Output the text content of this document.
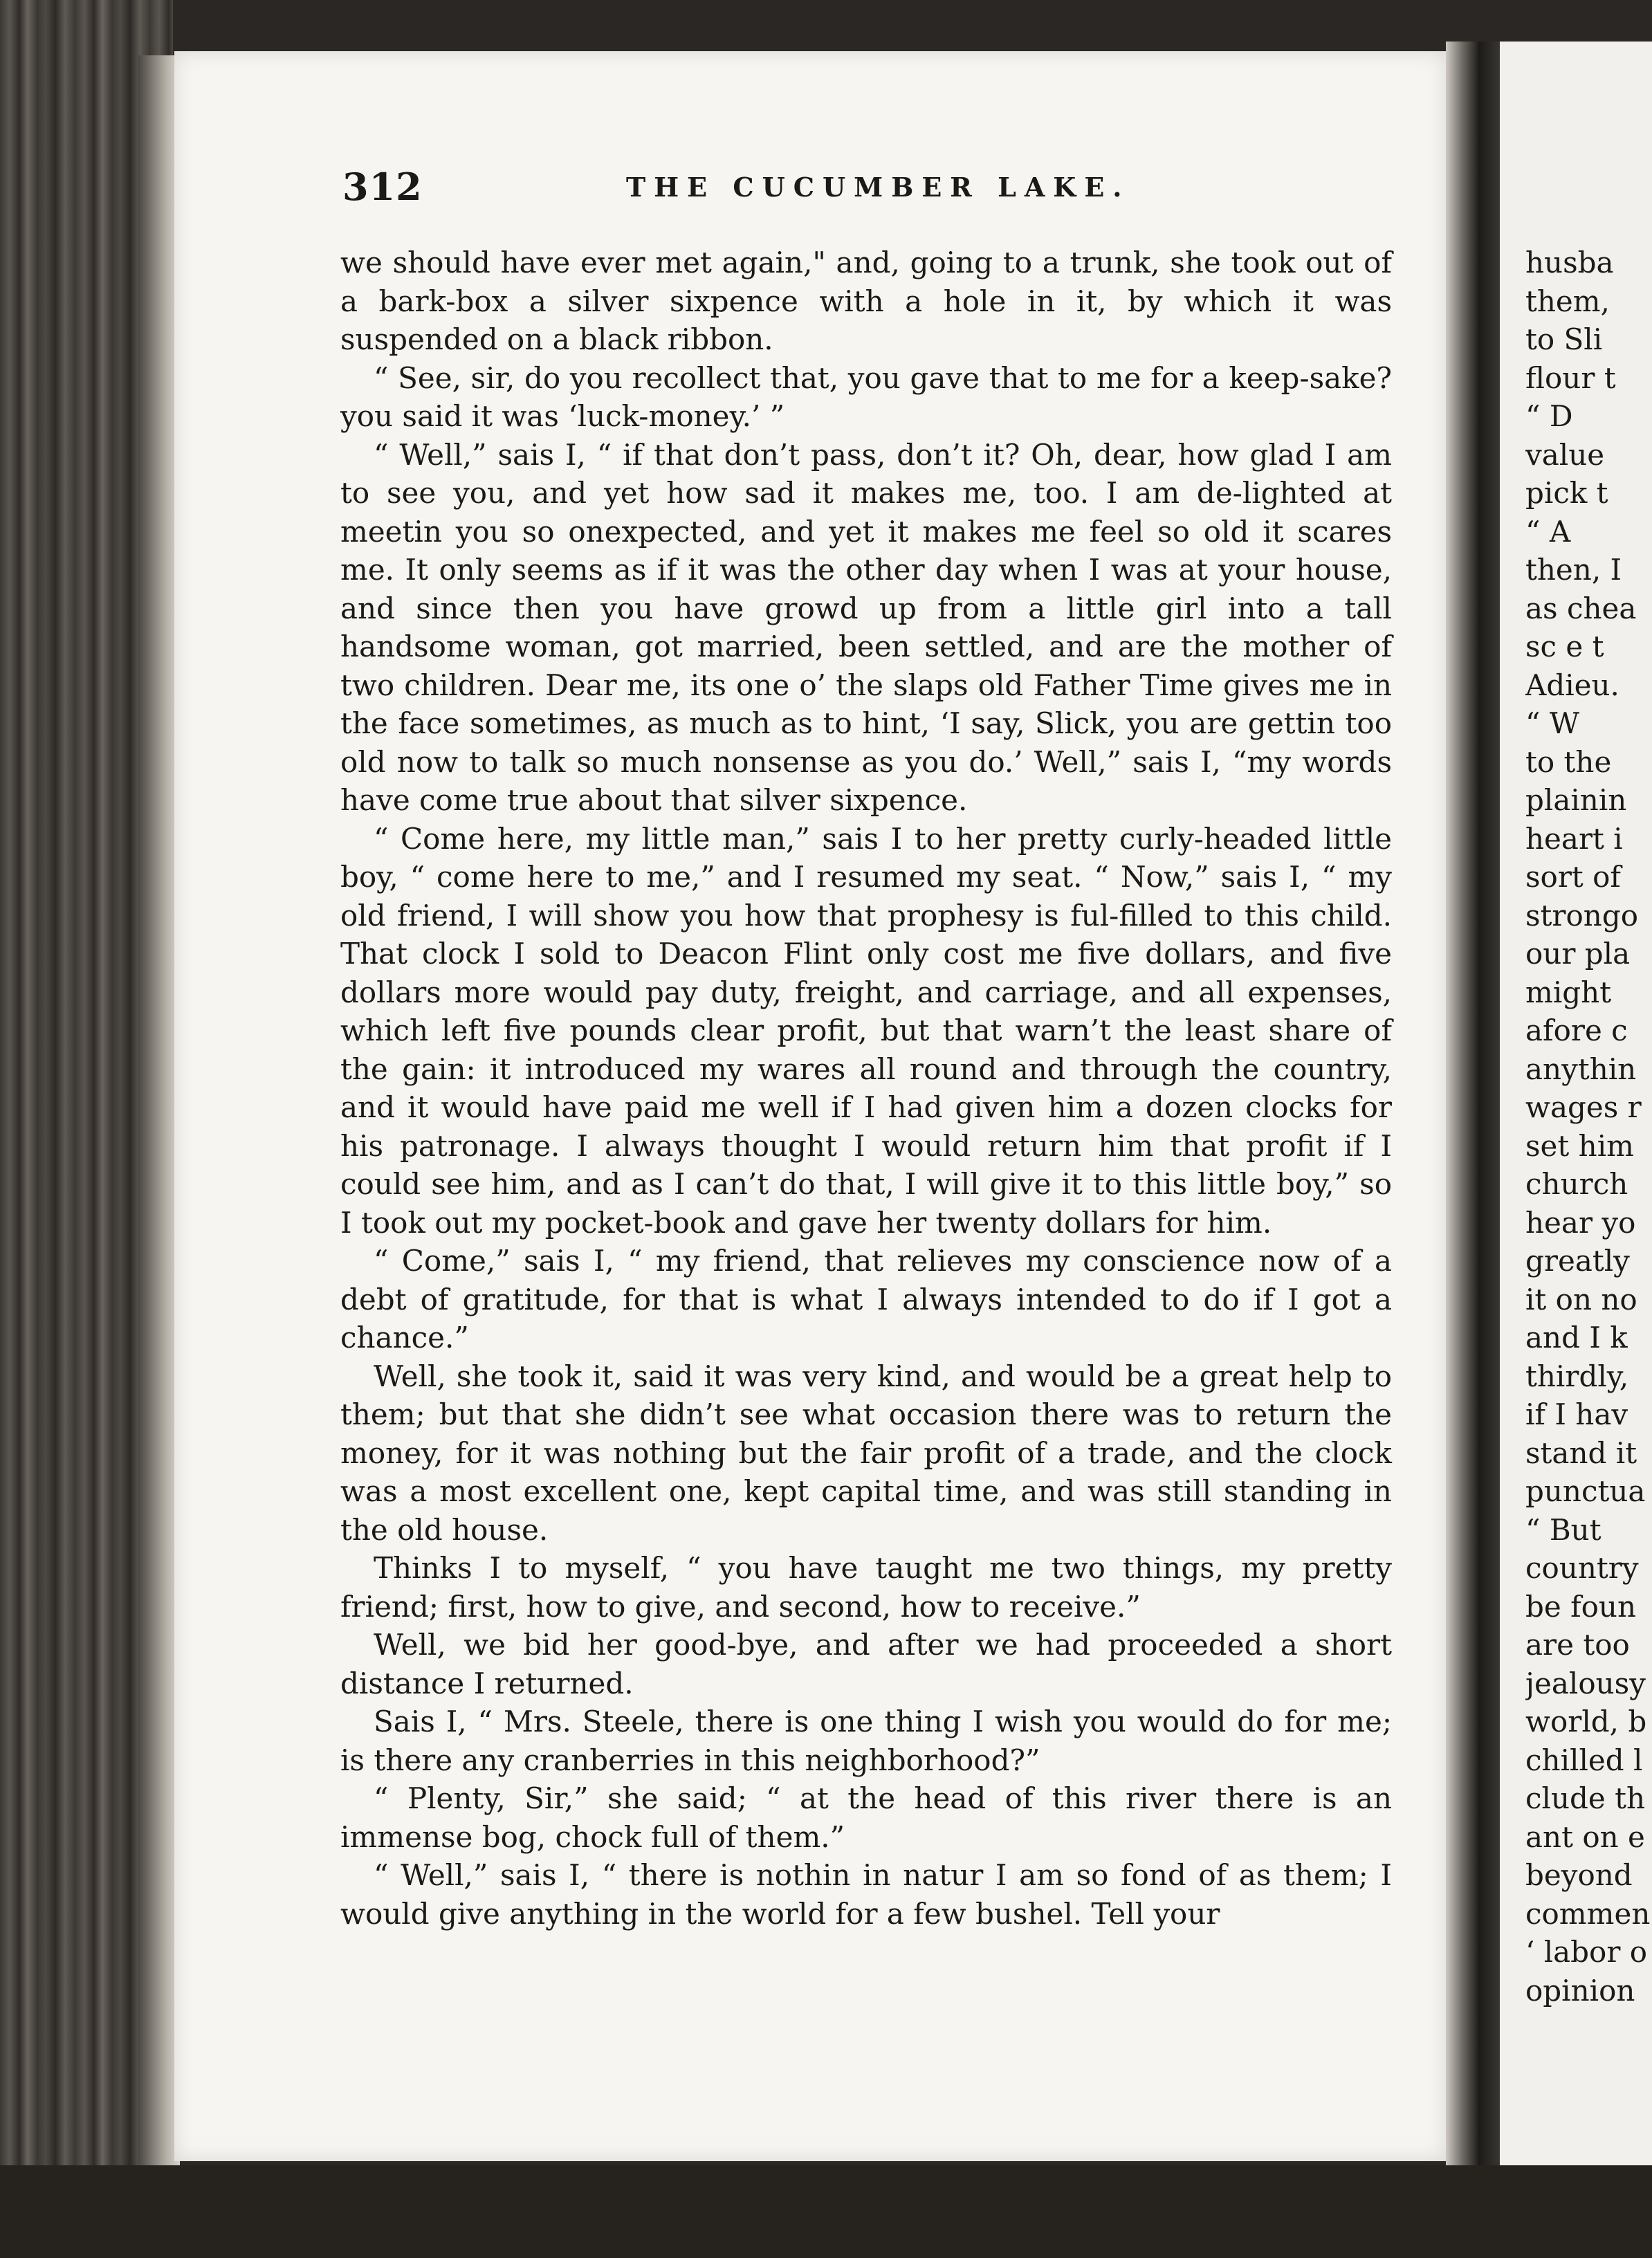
312	THE CUCUMBER LAKE.

we should have ever met again," and, going to a trunk, she took out of a bark-box a silver sixpence with a hole in it, by which it was suspended on a black ribbon.

“ See, sir, do you recollect that, you gave that to me for a keep-sake? you said it was ‘luck-money.’ ”

“ Well,” sais I, “ if that don’t pass, don’t it? Oh, dear, how glad I am to see you, and yet how sad it makes me, too. I am de-lighted at meetin you so onexpected, and yet it makes me feel so old it scares me. It only seems as if it was the other day when I was at your house, and since then you have growd up from a little girl into a tall handsome woman, got married, been settled, and are the mother of two children. Dear me, its one o’ the slaps old Father Time gives me in the face sometimes, as much as to hint, ‘I say, Slick, you are gettin too old now to talk so much nonsense as you do.’ Well,” sais I, “my words have come true about that silver sixpence.

“ Come here, my little man,” sais I to her pretty curly-headed little boy, “ come here to me,” and I resumed my seat. “ Now,” sais I, “ my old friend, I will show you how that prophesy is ful-filled to this child. That clock I sold to Deacon Flint only cost me five dollars, and five dollars more would pay duty, freight, and carriage, and all expenses, which left five pounds clear profit, but that warn’t the least share of the gain: it introduced my wares all round and through the country, and it would have paid me well if I had given him a dozen clocks for his patronage. I always thought I would return him that profit if I could see him, and as I can’t do that, I will give it to this little boy,” so I took out my pocket-book and gave her twenty dollars for him.

“ Come,” sais I, “ my friend, that relieves my conscience now of a debt of gratitude, for that is what I always intended to do if I got a chance.”

Well, she took it, said it was very kind, and would be a great help to them; but that she didn’t see what occasion there was to return the money, for it was nothing but the fair profit of a trade, and the clock was a most excellent one, kept capital time, and was still standing in the old house.

Thinks I to myself, “ you have taught me two things, my pretty friend; first, how to give, and second, how to receive.”

Well, we bid her good-bye, and after we had proceeded a short distance I returned.

Sais I, “ Mrs. Steele, there is one thing I wish you would do for me; is there any cranberries in this neighborhood?”

“ Plenty, Sir,” she said; “ at the head of this river there is an immense bog, chock full of them.”

“ Well,” sais I, “ there is nothin in natur I am so fond of as them; I would give anything in the world for a few bushel. Tell your

husba
them,
to Sli
flour t
“ D
value
pick t
“ A
then, I
as chea
sc e t
Adieu.
“ W
to the
plainin
heart i
sort of
strongo
our pla
might
afore c
anythin
wages r
set him
church
hear yo
greatly
it on no
and I k
thirdly,
if I hav
stand it
punctua
“ But
country
be foun
are too
jealousy
world, b
chilled l
clude th
ant on e
beyond
commen
‘ labor o
opinion
